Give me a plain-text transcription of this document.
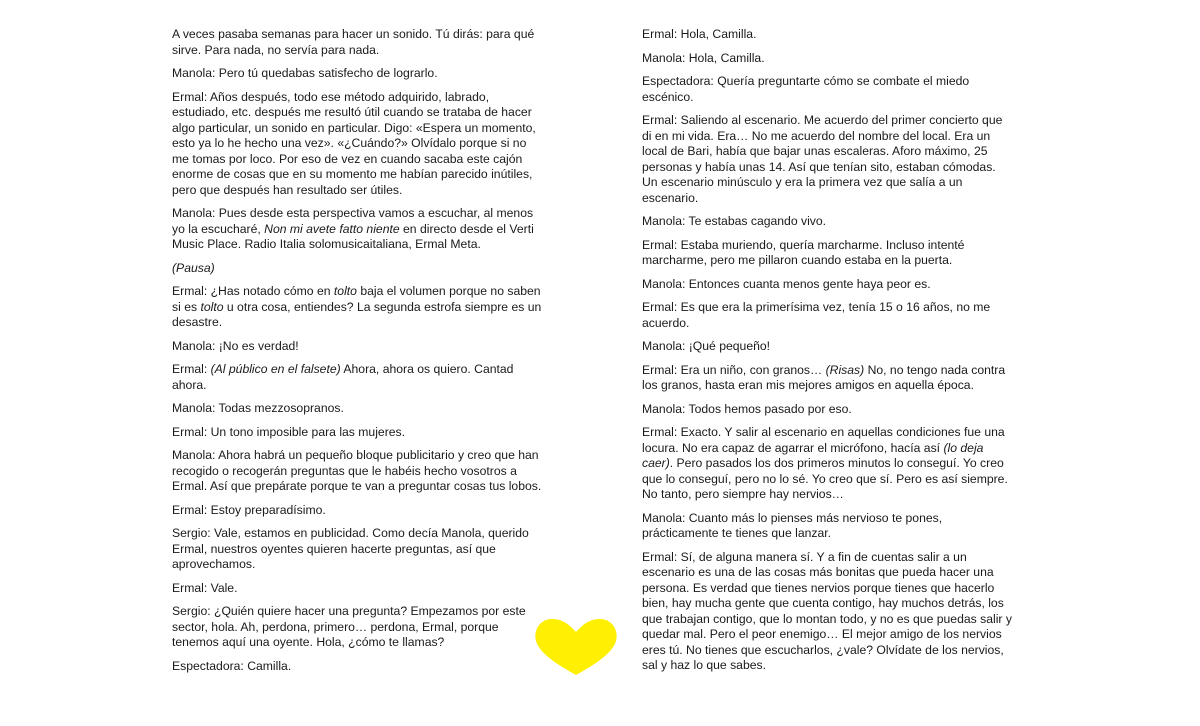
A veces pasaba semanas para hacer un sonido. Tú dirás: para qué sirve. Para nada, no servía para nada.

Manola: Pero tú quedabas satisfecho de lograrlo.

Ermal: Años después, todo ese método adquirido, labrado, estudiado, etc. después me resultó útil cuando se trataba de hacer algo particular, un sonido en particular. Digo: «Espera un momento, esto ya lo he hecho una vez». «¿Cuándo?» Olvídalo porque si no me tomas por loco. Por eso de vez en cuando sacaba este cajón enorme de cosas que en su momento me habían parecido inútiles, pero que después han resultado ser útiles.

Manola: Pues desde esta perspectiva vamos a escuchar, al menos yo la escucharé, Non mi avete fatto niente en directo desde el Verti Music Place. Radio Italia solomusicaitaliana, Ermal Meta.

(Pausa)

Ermal: ¿Has notado cómo en tolto baja el volumen porque no saben si es tolto u otra cosa, entiendes? La segunda estrofa siempre es un desastre.

Manola: ¡No es verdad!

Ermal: (Al público en el falsete) Ahora, ahora os quiero. Cantad ahora.

Manola: Todas mezzosopranos.

Ermal: Un tono imposible para las mujeres.

Manola: Ahora habrá un pequeño bloque publicitario y creo que han recogido o recogerán preguntas que le habéis hecho vosotros a Ermal. Así que prepárate porque te van a preguntar cosas tus lobos.

Ermal: Estoy preparadísimo.

Sergio: Vale, estamos en publicidad. Como decía Manola, querido Ermal, nuestros oyentes quieren hacerte preguntas, así que aprovechamos.

Ermal: Vale.

Sergio: ¿Quién quiere hacer una pregunta? Empezamos por este sector, hola. Ah, perdona, primero… perdona, Ermal, porque tenemos aquí una oyente. Hola, ¿cómo te llamas?

Espectadora: Camilla.

Ermal: Hola, Camilla.

Manola: Hola, Camilla.

Espectadora: Quería preguntarte cómo se combate el miedo escénico.

Ermal: Saliendo al escenario. Me acuerdo del primer concierto que di en mi vida. Era… No me acuerdo del nombre del local. Era un local de Bari, había que bajar unas escaleras. Aforo máximo, 25 personas y había unas 14. Así que tenían sito, estaban cómodas. Un escenario minúsculo y era la primera vez que salía a un escenario.

Manola: Te estabas cagando vivo.

Ermal: Estaba muriendo, quería marcharme. Incluso intenté marcharme, pero me pillaron cuando estaba en la puerta.

Manola: Entonces cuanta menos gente haya peor es.

Ermal: Es que era la primerísima vez, tenía 15 o 16 años, no me acuerdo.

Manola: ¡Qué pequeño!

Ermal: Era un niño, con granos… (Risas) No, no tengo nada contra los granos, hasta eran mis mejores amigos en aquella época.

Manola: Todos hemos pasado por eso.

Ermal: Exacto. Y salir al escenario en aquellas condiciones fue una locura. No era capaz de agarrar el micrófono, hacía así (lo deja caer). Pero pasados los dos primeros minutos lo conseguí. Yo creo que lo conseguí, pero no lo sé. Yo creo que sí. Pero es así siempre. No tanto, pero siempre hay nervios…

Manola: Cuanto más lo pienses más nervioso te pones, prácticamente te tienes que lanzar.

Ermal: Sí, de alguna manera sí. Y a fin de cuentas salir a un escenario es una de las cosas más bonitas que pueda hacer una persona. Es verdad que tienes nervios porque tienes que hacerlo bien, hay mucha gente que cuenta contigo, hay muchos detrás, los que trabajan contigo, que lo montan todo, y no es que puedas salir y quedar mal. Pero el peor enemigo… El mejor amigo de los nervios eres tú. No tienes que escucharlos, ¿vale? Olvídate de los nervios, sal y haz lo que sabes.
